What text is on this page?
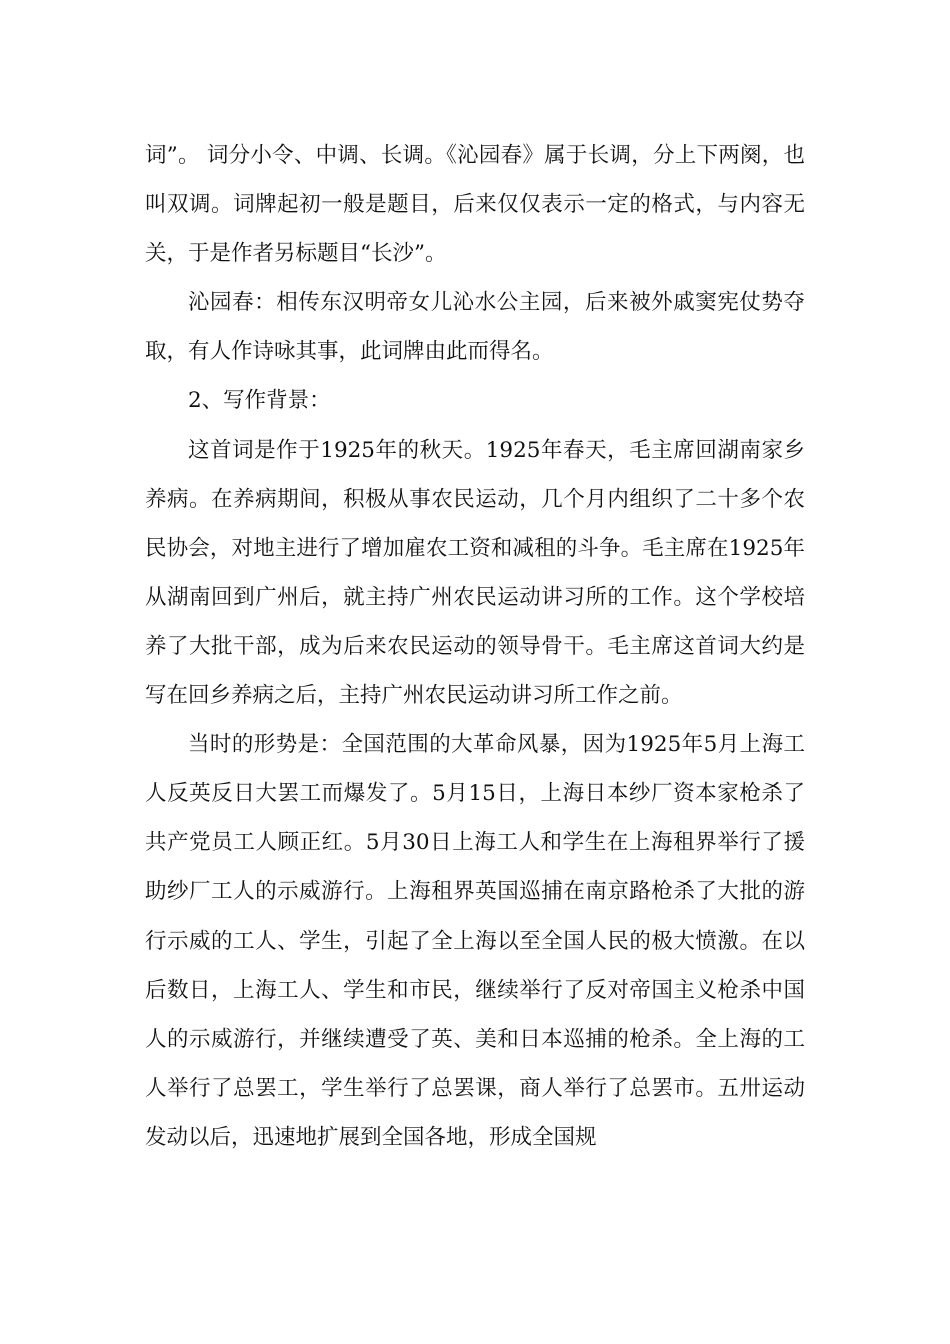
词”。 词分小令、中调、长调。《沁园春》属于长调，分上下两阕，也叫双调。词牌起初一般是题目，后来仅仅表示一定的格式，与内容无关，于是作者另标题目“长沙”。

沁园春：相传东汉明帝女儿沁水公主园，后来被外戚窦宪仗势夺取，有人作诗咏其事，此词牌由此而得名。

2、写作背景：

这首词是作于1925年的秋天。1925年春天，毛主席回湖南家乡养病。在养病期间，积极从事农民运动，几个月内组织了二十多个农民协会，对地主进行了增加雇农工资和减租的斗争。毛主席在1925年从湖南回到广州后，就主持广州农民运动讲习所的工作。这个学校培养了大批干部，成为后来农民运动的领导骨干。毛主席这首词大约是写在回乡养病之后，主持广州农民运动讲习所工作之前。

当时的形势是：全国范围的大革命风暴，因为1925年5月上海工人反英反日大罢工而爆发了。5月15日，上海日本纱厂资本家枪杀了共产党员工人顾正红。5月30日上海工人和学生在上海租界举行了援助纱厂工人的示威游行。上海租界英国巡捕在南京路枪杀了大批的游行示威的工人、学生，引起了全上海以至全国人民的极大愤激。在以后数日，上海工人、学生和市民，继续举行了反对帝国主义枪杀中国人的示威游行，并继续遭受了英、美和日本巡捕的枪杀。全上海的工人举行了总罢工，学生举行了总罢课，商人举行了总罢市。五卅运动发动以后，迅速地扩展到全国各地，形成全国规
